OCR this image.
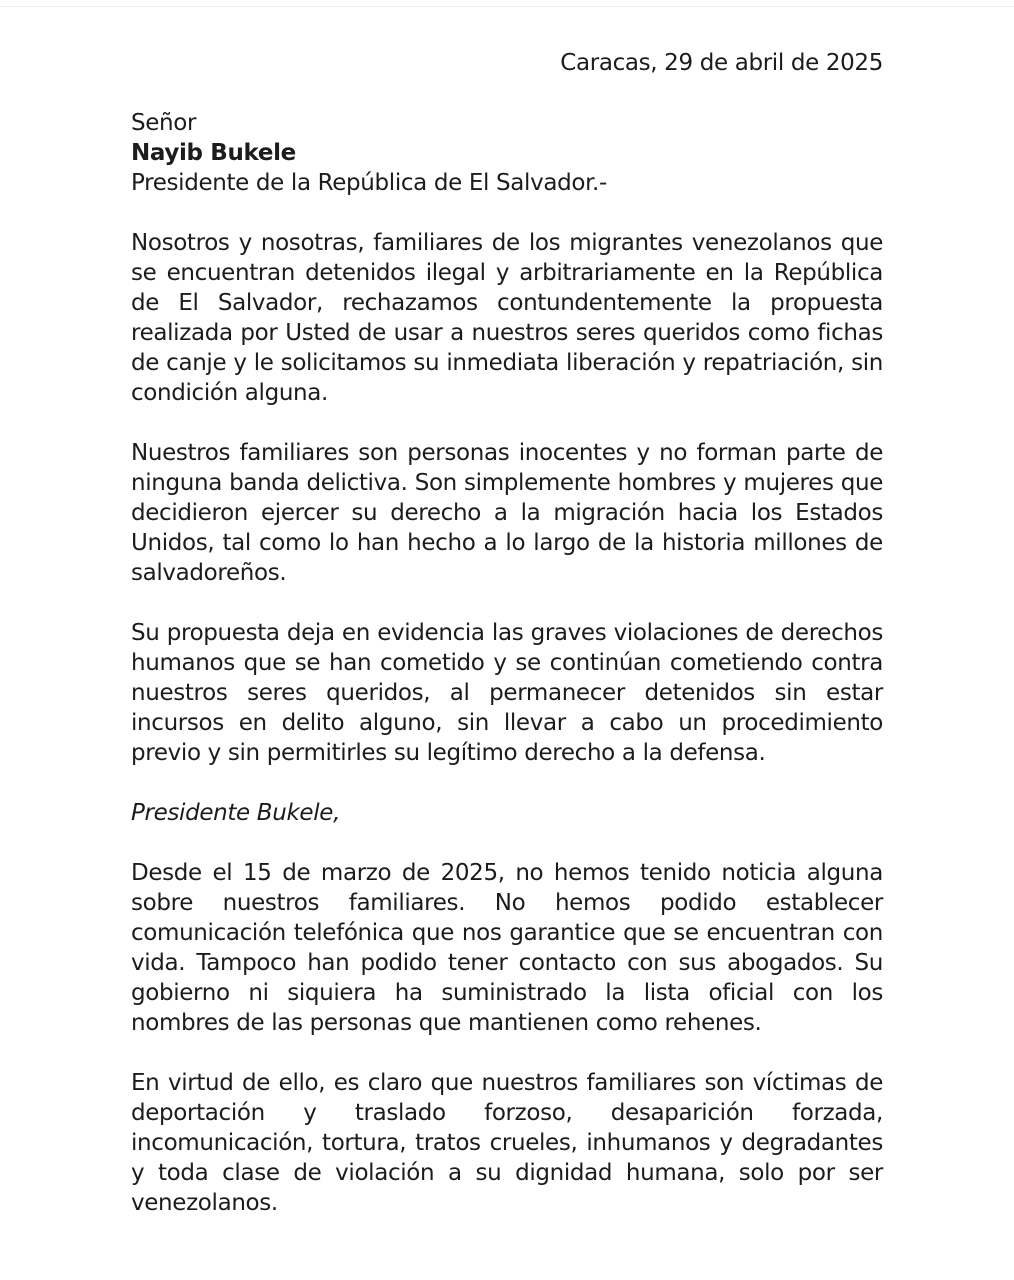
Caracas, 29 de abril de 2025

Señor

Nayib Bukele

Presidente de la República de El Salvador.-

Nosotros y nosotras, familiares de los migrantes venezolanos que se encuentran detenidos ilegal y arbitrariamente en la República de El Salvador, rechazamos contundentemente la propuesta realizada por Usted de usar a nuestros seres queridos como fichas de canje y le solicitamos su inmediata liberación y repatriación, sin condición alguna.

Nuestros familiares son personas inocentes y no forman parte de ninguna banda delictiva. Son simplemente hombres y mujeres que decidieron ejercer su derecho a la migración hacia los Estados Unidos, tal como lo han hecho a lo largo de la historia millones de salvadoreños.

Su propuesta deja en evidencia las graves violaciones de derechos humanos que se han cometido y se continúan cometiendo contra nuestros seres queridos, al permanecer detenidos sin estar incursos en delito alguno, sin llevar a cabo un procedimiento previo y sin permitirles su legítimo derecho a la defensa.

Presidente Bukele,

Desde el 15 de marzo de 2025, no hemos tenido noticia alguna sobre nuestros familiares. No hemos podido establecer comunicación telefónica que nos garantice que se encuentran con vida. Tampoco han podido tener contacto con sus abogados. Su gobierno ni siquiera ha suministrado la lista oficial con los nombres de las personas que mantienen como rehenes.

En virtud de ello, es claro que nuestros familiares son víctimas de deportación y traslado forzoso, desaparición forzada, incomunicación, tortura, tratos crueles, inhumanos y degradantes y toda clase de violación a su dignidad humana, solo por ser venezolanos.
